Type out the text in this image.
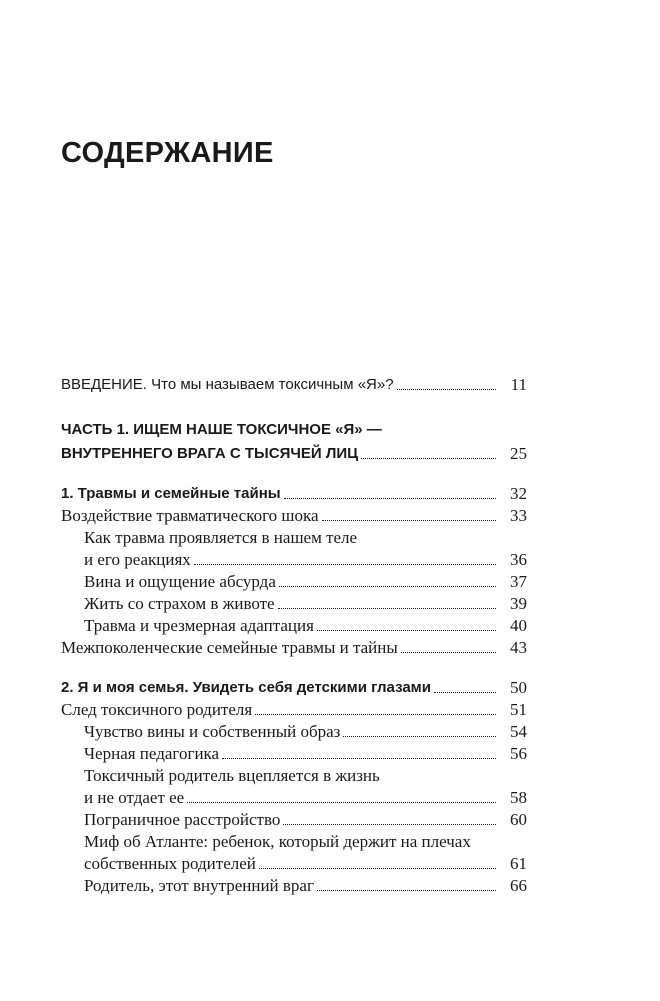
СОДЕРЖАНИЕ
ВВЕДЕНИЕ. Что мы называем токсичным «Я»?	11
ЧАСТЬ 1. ИЩЕМ НАШЕ ТОКСИЧНОЕ «Я» —
ВНУТРЕННЕГО ВРАГА С ТЫСЯЧЕЙ ЛИЦ	25
1. Травмы и семейные тайны	32
Воздействие травматического шока	33
Как травма проявляется в нашем теле
и его реакциях	36
Вина и ощущение абсурда	37
Жить со страхом в животе	39
Травма и чрезмерная адаптация	40
Межпоколенческие семейные травмы и тайны	43
2. Я и моя семья. Увидеть себя детскими глазами	50
След токсичного родителя	51
Чувство вины и собственный образ	54
Черная педагогика	56
Токсичный родитель вцепляется в жизнь
и не отдает ее	58
Пограничное расстройство	60
Миф об Атланте: ребенок, который держит на плечах
собственных родителей	61
Родитель, этот внутренний враг	66
